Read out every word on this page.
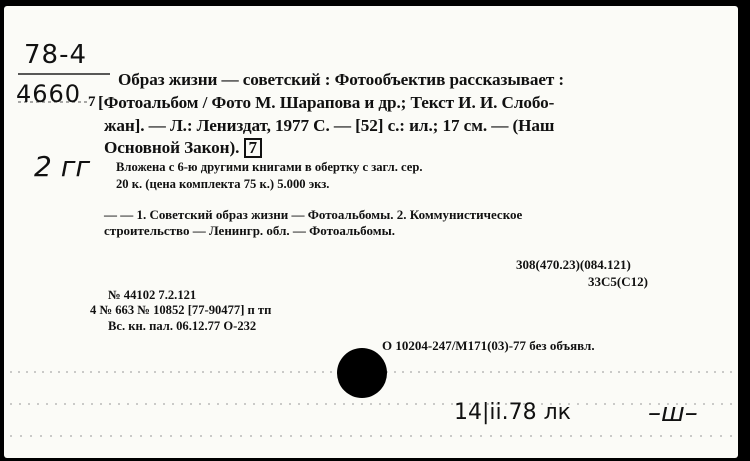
78-4
4660
Образ жизни — советский : Фотообъектив рассказывает :
7 [Фотоальбом / Фото М. Шарапова и др.; Текст И. И. Слобо-
жан]. — Л.: Лениздат, 1977 С. — [52] с.: ил.; 17 см. — (Наш
Основной Закон). 7
2 гг Вложена с 6-ю другими книгами в обертку с загл. сер.
20 к. (цена комплекта 75 к.) 5.000 экз.
— — 1. Советский образ жизни — Фотоальбомы. 2. Коммунистическое
строительство — Ленингр. обл. — Фотоальбомы.
308(470.23)(084.121)
33С5(С12)
№ 44102 7.2.121
4 № 663 № 10852 [77-90477] п тп
Вс. кн. пал. 06.12.77 О-232
О 10204-247/М171(03)-77 без объявл.
14|ii.78 лк	–ш–
